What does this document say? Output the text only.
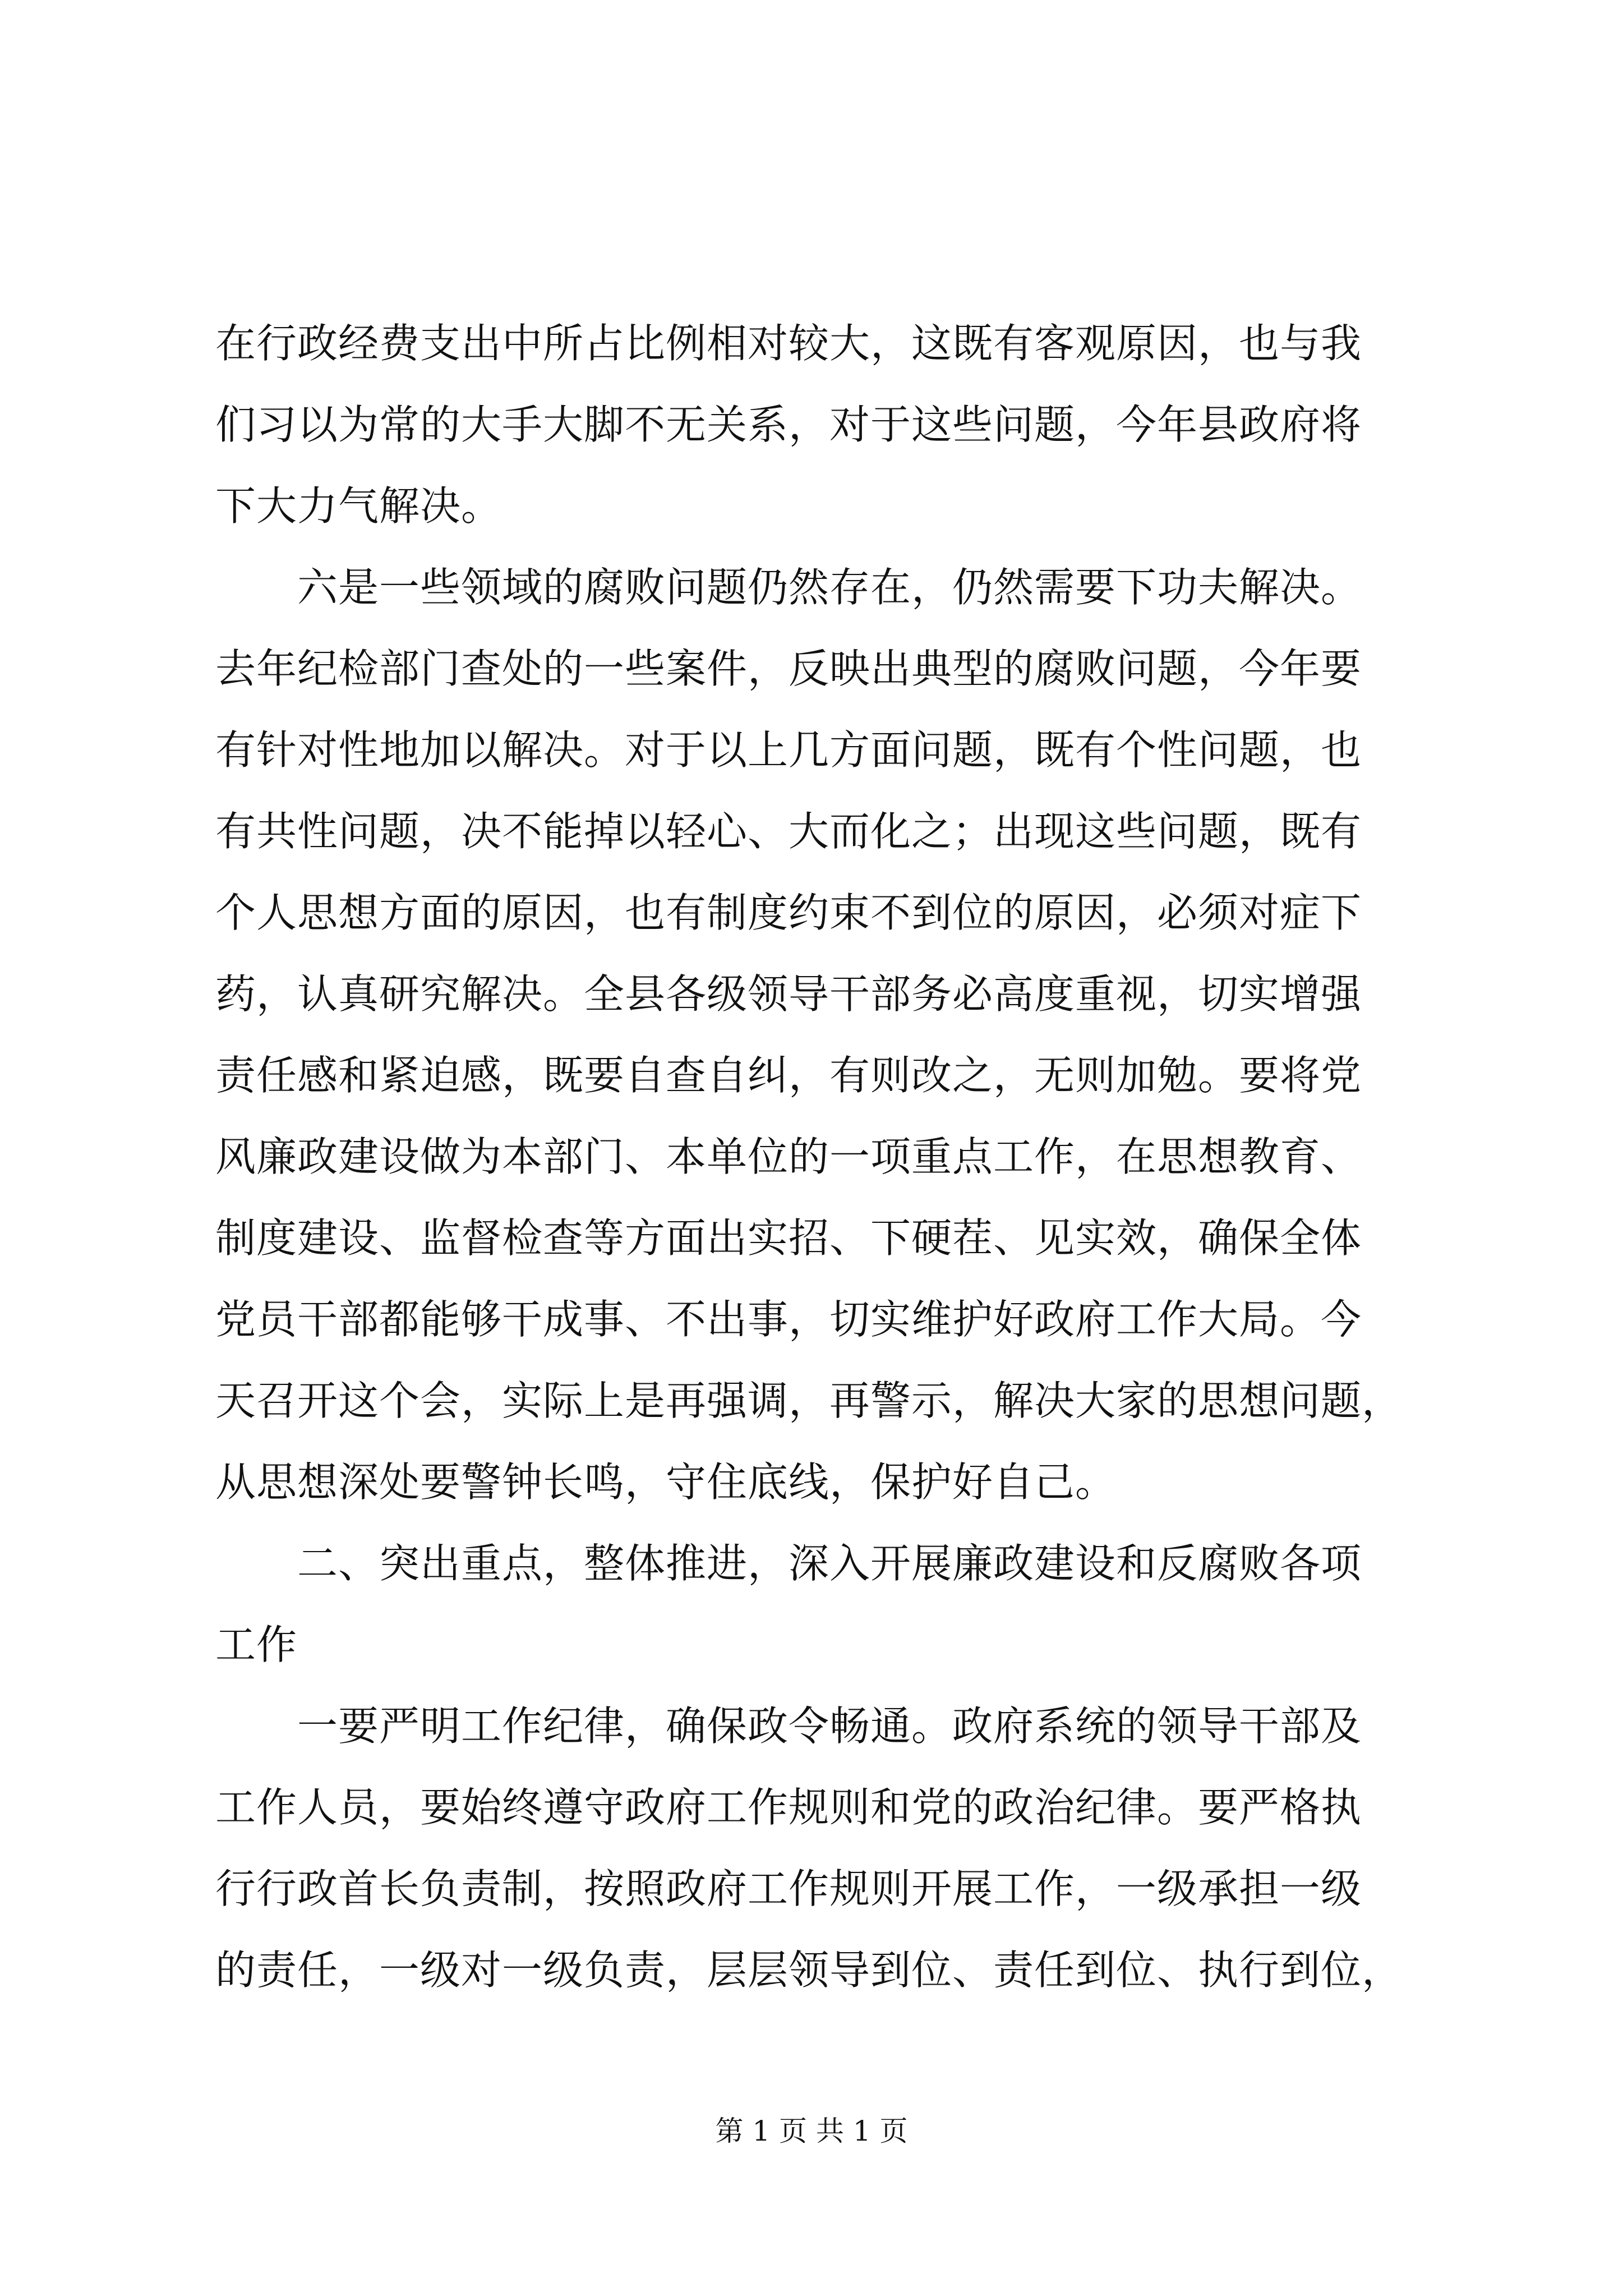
在行政经费支出中所占比例相对较大，这既有客观原因，也与我
们习以为常的大手大脚不无关系，对于这些问题，今年县政府将
下大力气解决。
六是一些领域的腐败问题仍然存在，仍然需要下功夫解决。
去年纪检部门查处的一些案件，反映出典型的腐败问题，今年要
有针对性地加以解决。对于以上几方面问题，既有个性问题，也
有共性问题，决不能掉以轻心、大而化之；出现这些问题，既有
个人思想方面的原因，也有制度约束不到位的原因，必须对症下
药，认真研究解决。全县各级领导干部务必高度重视，切实增强
责任感和紧迫感，既要自查自纠，有则改之，无则加勉。要将党
风廉政建设做为本部门、本单位的一项重点工作，在思想教育、
制度建设、监督检查等方面出实招、下硬茬、见实效，确保全体
党员干部都能够干成事、不出事，切实维护好政府工作大局。今
天召开这个会，实际上是再强调，再警示，解决大家的思想问题，
从思想深处要警钟长鸣，守住底线，保护好自己。
二、突出重点，整体推进，深入开展廉政建设和反腐败各项
工作
一要严明工作纪律，确保政令畅通。政府系统的领导干部及
工作人员，要始终遵守政府工作规则和党的政治纪律。要严格执
行行政首长负责制，按照政府工作规则开展工作，一级承担一级
的责任，一级对一级负责，层层领导到位、责任到位、执行到位，
第 1 页 共 1 页
